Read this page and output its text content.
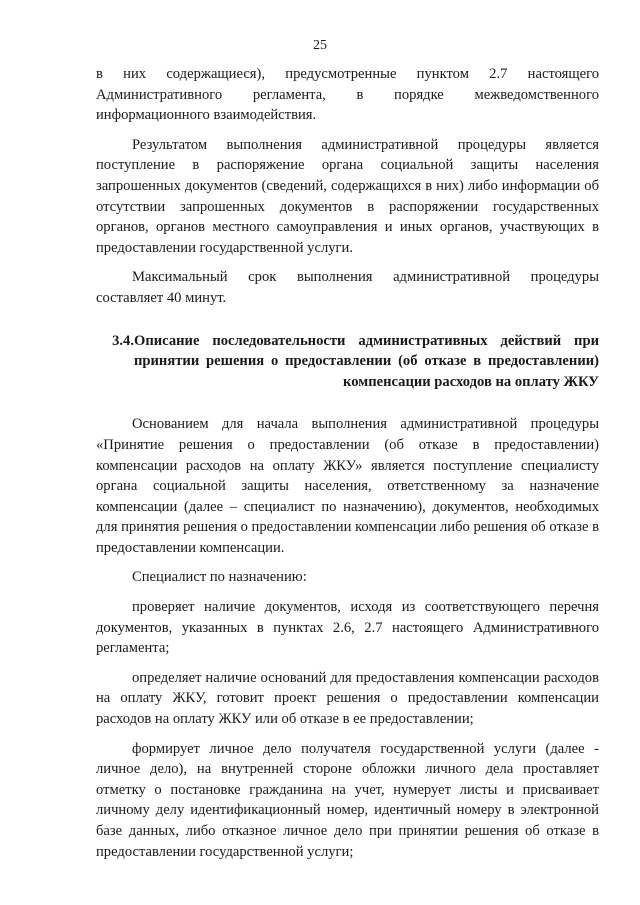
25

в них содержащиеся), предусмотренные пунктом 2.7 настоящего Административного регламента, в порядке межведомственного информационного взаимодействия.

Результатом выполнения административной процедуры является поступление в распоряжение органа социальной защиты населения запрошенных документов (сведений, содержащихся в них) либо информации об отсутствии запрошенных документов в распоряжении государственных органов, органов местного самоуправления и иных органов, участвующих в предоставлении государственной услуги.

Максимальный срок выполнения административной процедуры составляет 40 минут.

3.4.Описание последовательности административных действий при принятии решения о предоставлении (об отказе в предоставлении) компенсации расходов на оплату ЖКУ

Основанием для начала выполнения административной процедуры «Принятие решения о предоставлении (об отказе в предоставлении) компенсации расходов на оплату ЖКУ» является поступление специалисту органа социальной защиты населения, ответственному за назначение компенсации (далее – специалист по назначению), документов, необходимых для принятия решения о предоставлении компенсации либо решения об отказе в предоставлении компенсации.

Специалист по назначению:

проверяет наличие документов, исходя из соответствующего перечня документов, указанных в пунктах 2.6, 2.7 настоящего Административного регламента;

определяет наличие оснований для предоставления компенсации расходов на оплату ЖКУ, готовит проект решения о предоставлении компенсации расходов на оплату ЖКУ или об отказе в ее предоставлении;

формирует личное дело получателя государственной услуги (далее - личное дело), на внутренней стороне обложки личного дела проставляет отметку о постановке гражданина на учет, нумерует листы и присваивает личному делу идентификационный номер, идентичный номеру в электронной базе данных, либо отказное личное дело при принятии решения об отказе в предоставлении государственной услуги;
